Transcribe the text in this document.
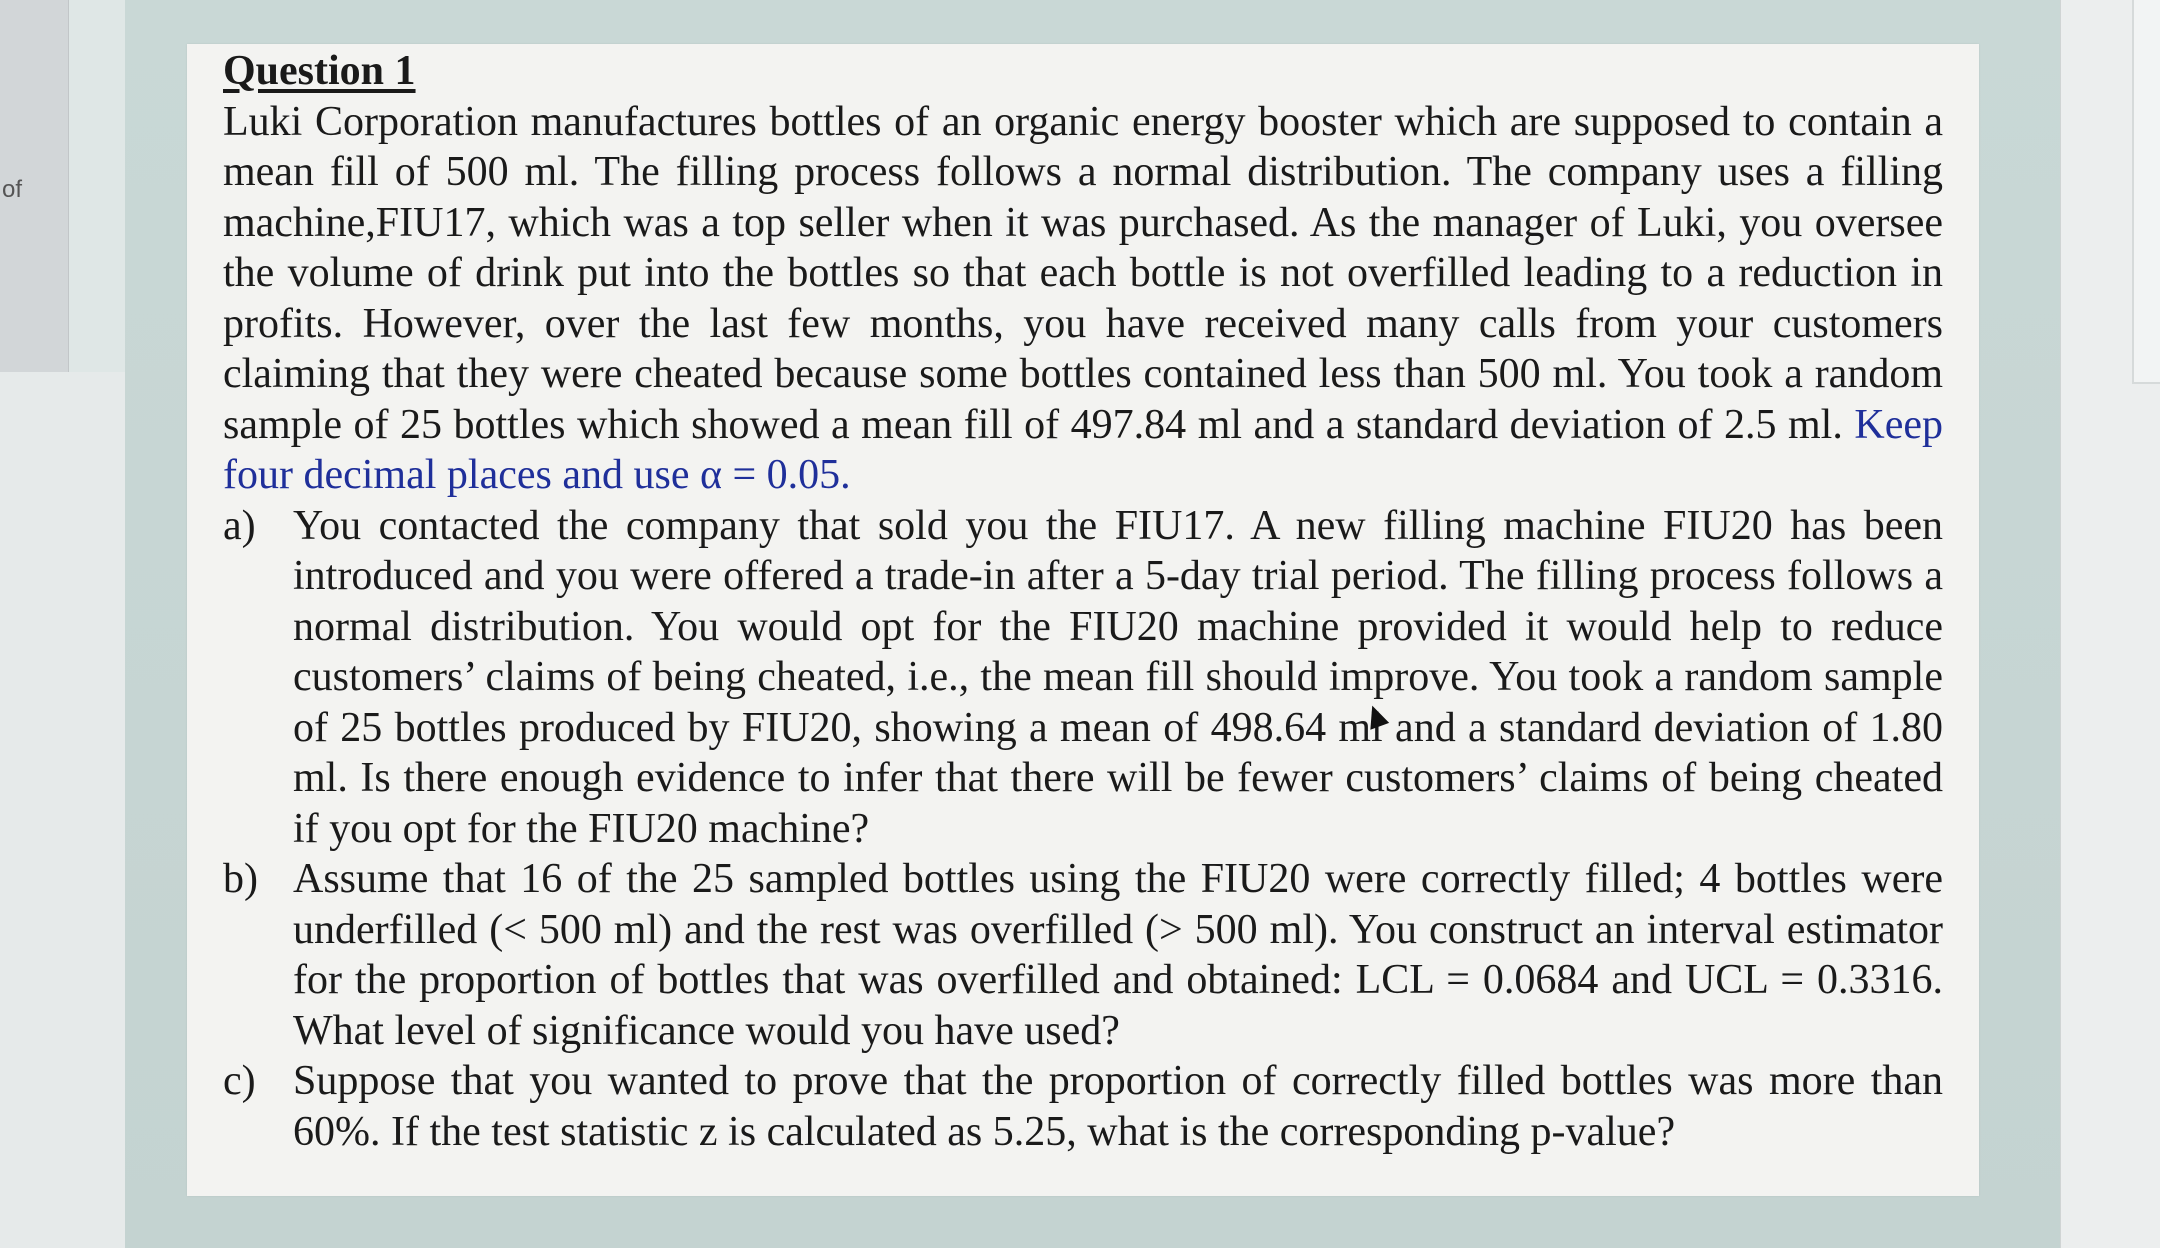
of
Question 1
Luki Corporation manufactures bottles of an organic energy booster which are supposed to contain a mean fill of 500 ml. The filling process follows a normal distribution. The company uses a filling machine,FIU17, which was a top seller when it was purchased. As the manager of Luki, you oversee the volume of drink put into the bottles so that each bottle is not overfilled leading to a reduction in profits. However, over the last few months, you have received many calls from your customers claiming that they were cheated because some bottles contained less than 500 ml. You took a random sample of 25 bottles which showed a mean fill of 497.84 ml and a standard deviation of 2.5 ml. Keep four decimal places and use α = 0.05.
a) You contacted the company that sold you the FIU17. A new filling machine FIU20 has been introduced and you were offered a trade-in after a 5-day trial period. The filling process follows a normal distribution. You would opt for the FIU20 machine provided it would help to reduce customers’ claims of being cheated, i.e., the mean fill should improve. You took a random sample of 25 bottles produced by FIU20, showing a mean of 498.64 ml and a standard deviation of 1.80 ml. Is there enough evidence to infer that there will be fewer customers’ claims of being cheated if you opt for the FIU20 machine?
b) Assume that 16 of the 25 sampled bottles using the FIU20 were correctly filled; 4 bottles were underfilled (< 500 ml) and the rest was overfilled (> 500 ml). You construct an interval estimator for the proportion of bottles that was overfilled and obtained: LCL = 0.0684 and UCL = 0.3316. What level of significance would you have used?
c) Suppose that you wanted to prove that the proportion of correctly filled bottles was more than 60%. If the test statistic z is calculated as 5.25, what is the corresponding p-value?
